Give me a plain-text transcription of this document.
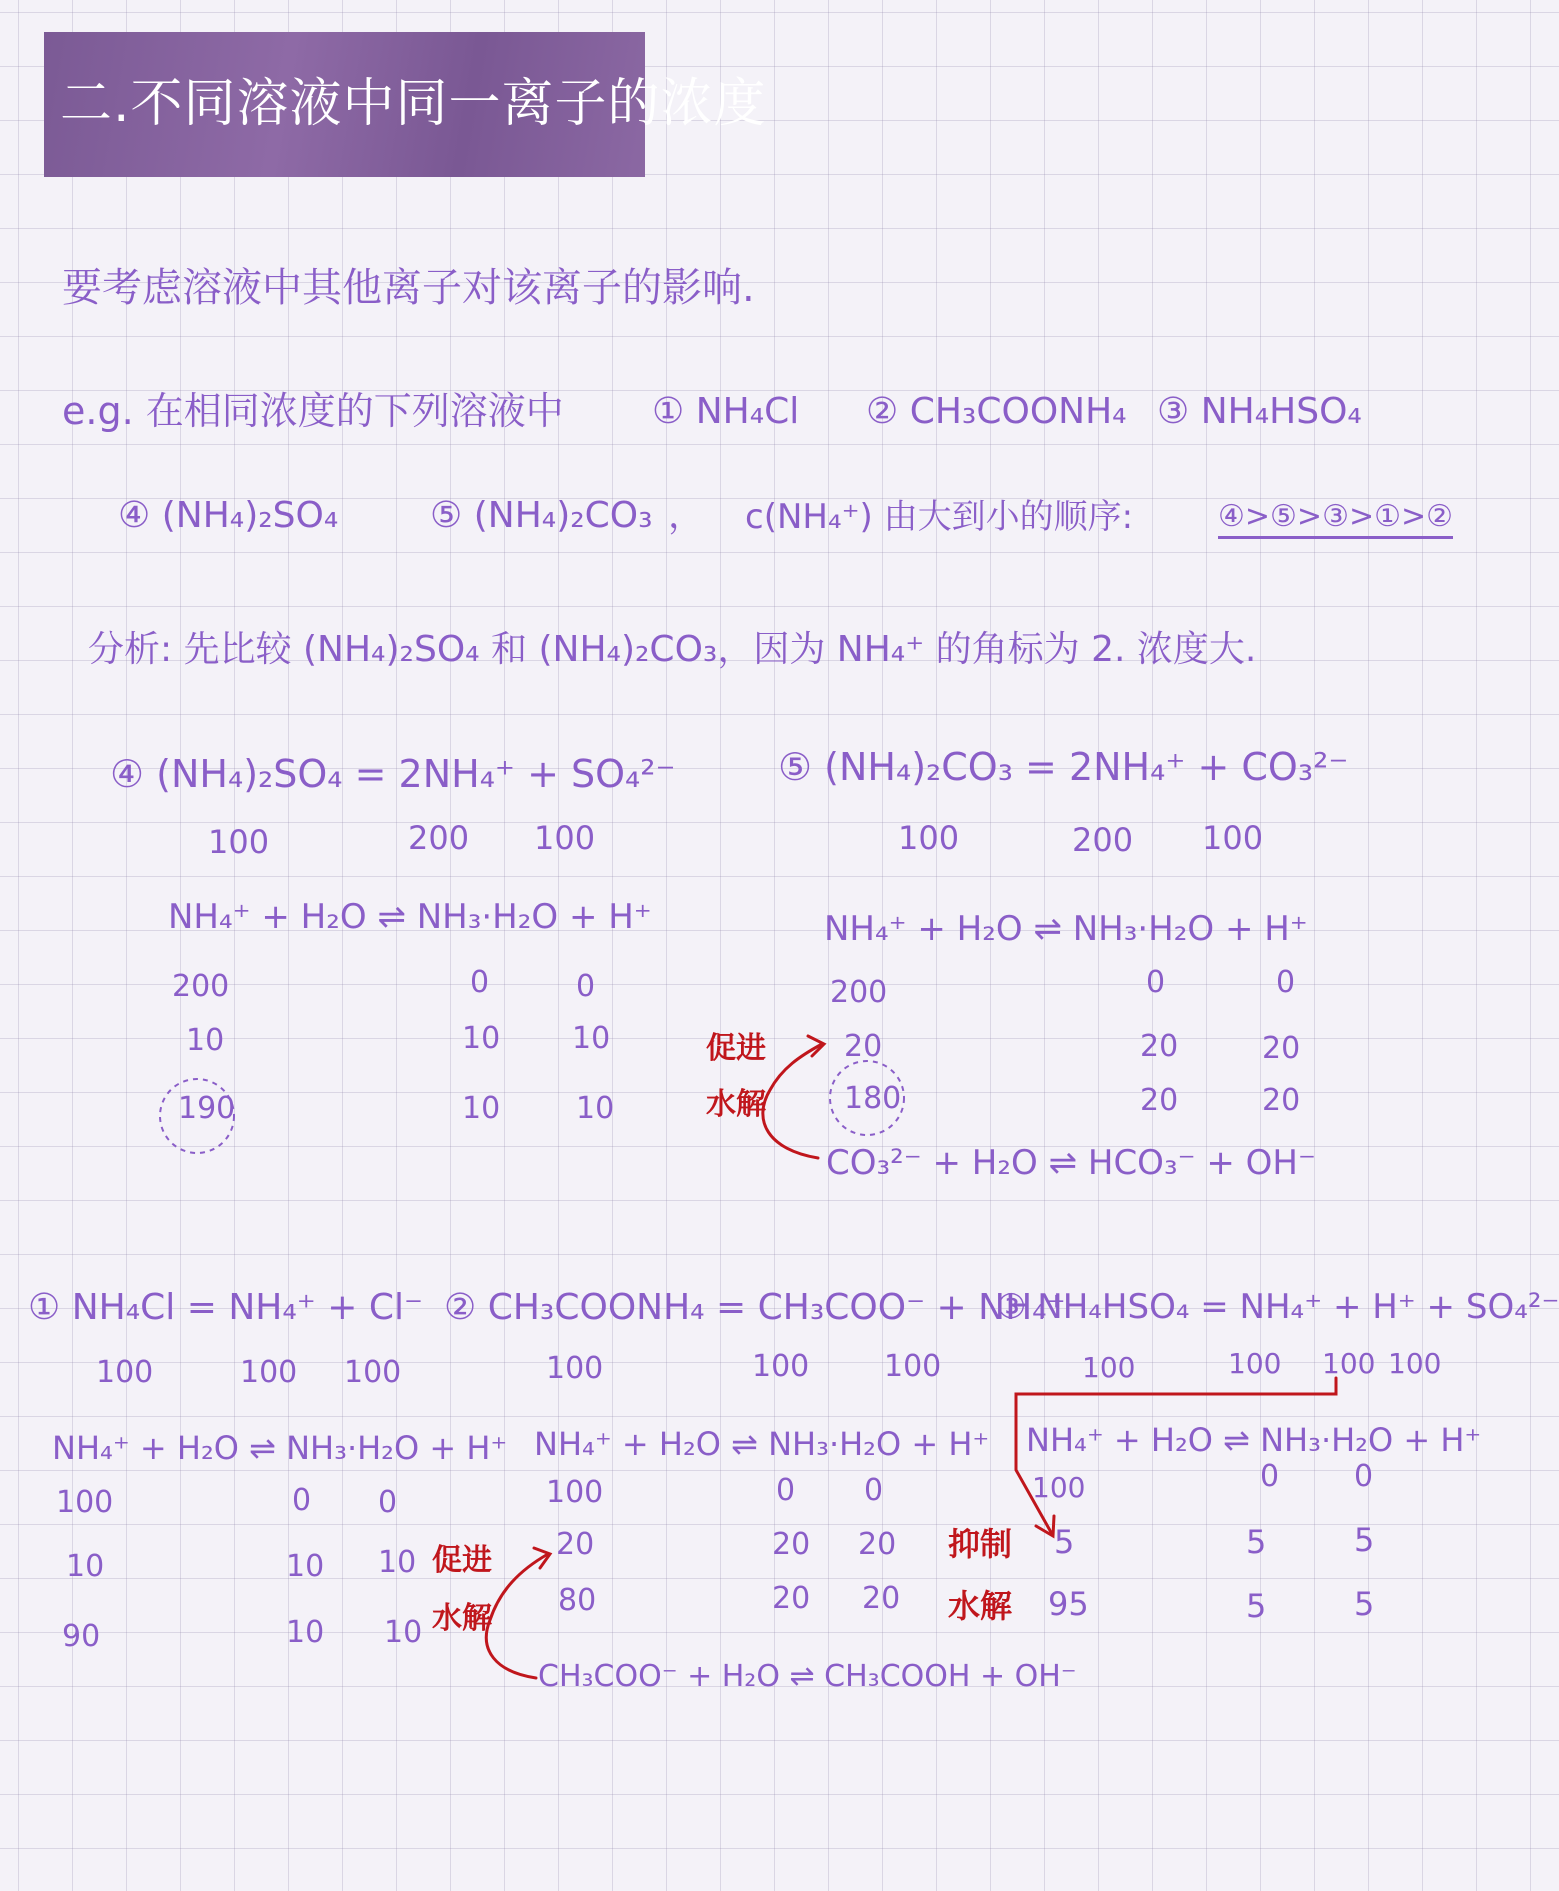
二.不同溶液中同一离子的浓度
要考虑溶液中其他离子对该离子的影响.
e.g. 在相同浓度的下列溶液中 ① NH₄Cl ② CH₃COONH₄ ③ NH₄HSO₄
④ (NH₄)₂SO₄	⑤ (NH₄)₂CO₃ ， c(NH₄⁺) 由大到小的顺序:	④>⑤>③>①>②
分析: 先比较 (NH₄)₂SO₄ 和 (NH₄)₂CO₃，因为 NH₄⁺ 的角标为 2. 浓度大.
④ (NH₄)₂SO₄ = 2NH₄⁺ + SO₄²⁻
100	200 100
NH₄⁺ + H₂O ⇌ NH₃·H₂O + H⁺
200	0	0
10	10 10
190	10	10
⑤ (NH₄)₂CO₃ = 2NH₄⁺ + CO₃²⁻
100	200 100
NH₄⁺ + H₂O ⇌ NH₃·H₂O + H⁺
200	0	0
20	20	20
180	20	20
促进
水解
CO₃²⁻ + H₂O ⇌ HCO₃⁻ + OH⁻
① NH₄Cl = NH₄⁺ + Cl⁻
100	100 100
NH₄⁺ + H₂O ⇌ NH₃·H₂O + H⁺
100	0 0
10	10 10
90	10 10
② CH₃COONH₄ = CH₃COO⁻ + NH₄⁺
100	100 100
NH₄⁺ + H₂O ⇌ NH₃·H₂O + H⁺
100	0 0
20	20 20
80	20 20
促进
水解
CH₃COO⁻ + H₂O ⇌ CH₃COOH + OH⁻
③ NH₄HSO₄ = NH₄⁺ + H⁺ + SO₄²⁻
100	100 100 100
NH₄⁺ + H₂O ⇌ NH₃·H₂O + H⁺
100	0 0
5	5	5
95	5	5
抑制
水解
